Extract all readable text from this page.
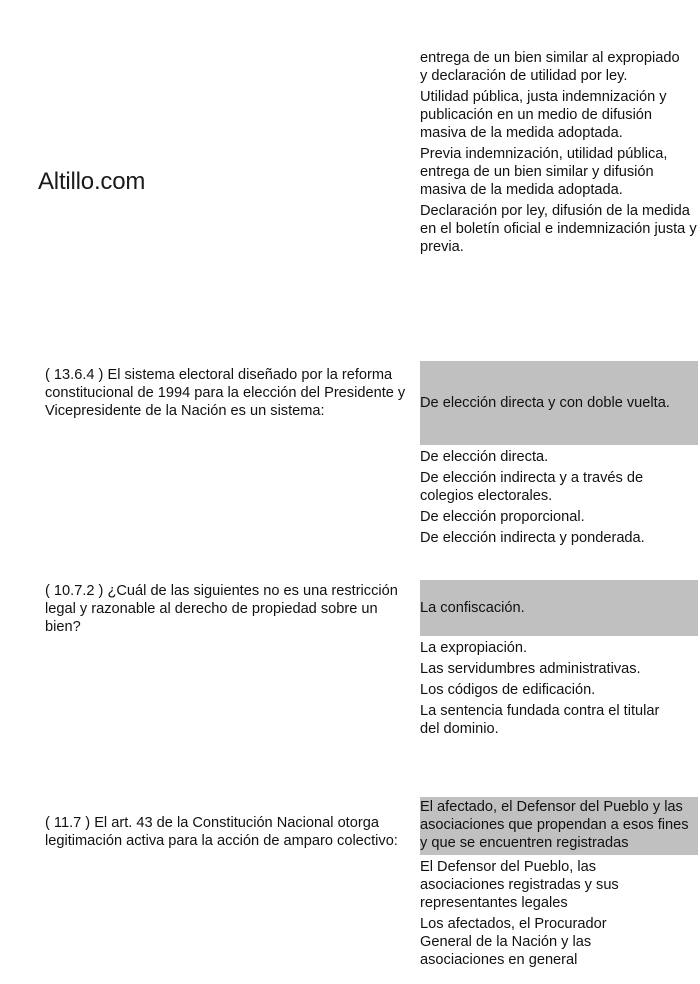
Altillo.com
entrega de un bien similar al expropiado y declaración de utilidad por ley.
Utilidad pública, justa indemnización y publicación en un medio de difusión masiva de la medida adoptada.
Previa indemnización, utilidad pública, entrega de un bien similar y difusión masiva de la medida adoptada.
Declaración por ley, difusión de la medida en el boletín oficial e indemnización justa y previa.
( 13.6.4 ) El sistema electoral diseñado por la reforma constitucional de 1994 para la elección del Presidente y Vicepresidente de la Nación es un sistema:	De elección directa y con doble vuelta.
De elección directa.
De elección indirecta y a través de colegios electorales.
De elección proporcional.
De elección indirecta y ponderada.
( 10.7.2 ) ¿Cuál de las siguientes no es una restricción legal y razonable al derecho de propiedad sobre un bien?
La confiscación.
La expropiación.
Las servidumbres administrativas.
Los códigos de edificación.
La sentencia fundada contra el titular del dominio.
( 11.7 ) El art. 43 de la Constitución Nacional otorga legitimación activa para la acción de amparo colectivo:
El afectado, el Defensor del Pueblo y las asociaciones que propendan a esos fines y que se encuentren registradas
El Defensor del Pueblo, las asociaciones registradas y sus representantes legales
Los afectados, el Procurador General de la Nación y las asociaciones en general
